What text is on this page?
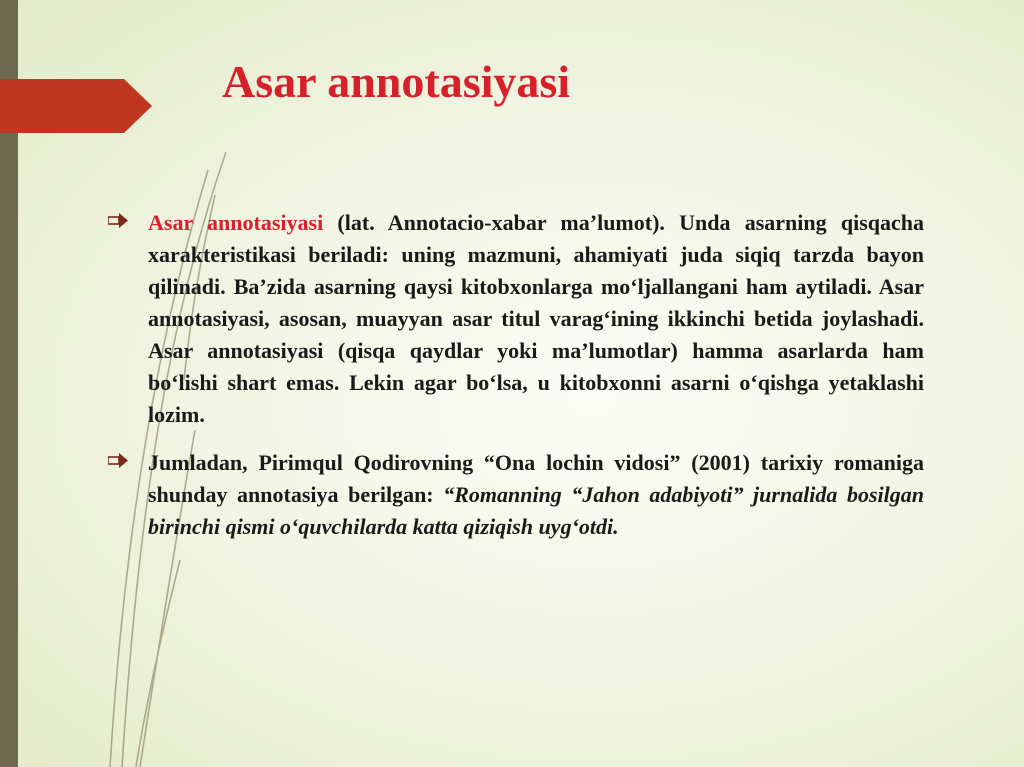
Asar annotasiyasi

Asar annotasiyasi (lat. Annotacio-xabar ma’lumot). Unda asarning qisqacha xarakteristikasi beriladi: uning mazmuni, ahamiyati juda siqiq tarzda bayon qilinadi. Ba’zida asarning qaysi kitobxonlarga mo‘ljallangani ham aytiladi. Asar annotasiyasi, asosan, muayyan asar titul varag‘ining ikkinchi betida joylashadi. Asar annotasiyasi (qisqa qaydlar yoki ma’lumotlar) hamma asarlarda ham bo‘lishi shart emas. Lekin agar bo‘lsa, u kitobxonni asarni o‘qishga yetaklashi lozim.

Jumladan, Pirimqul Qodirovning “Ona lochin vidosi” (2001) tarixiy romaniga shunday annotasiya berilgan: “Romanning “Jahon adabiyoti” jurnalida bosilgan birinchi qismi o‘quvchilarda katta qiziqish uyg‘otdi.
